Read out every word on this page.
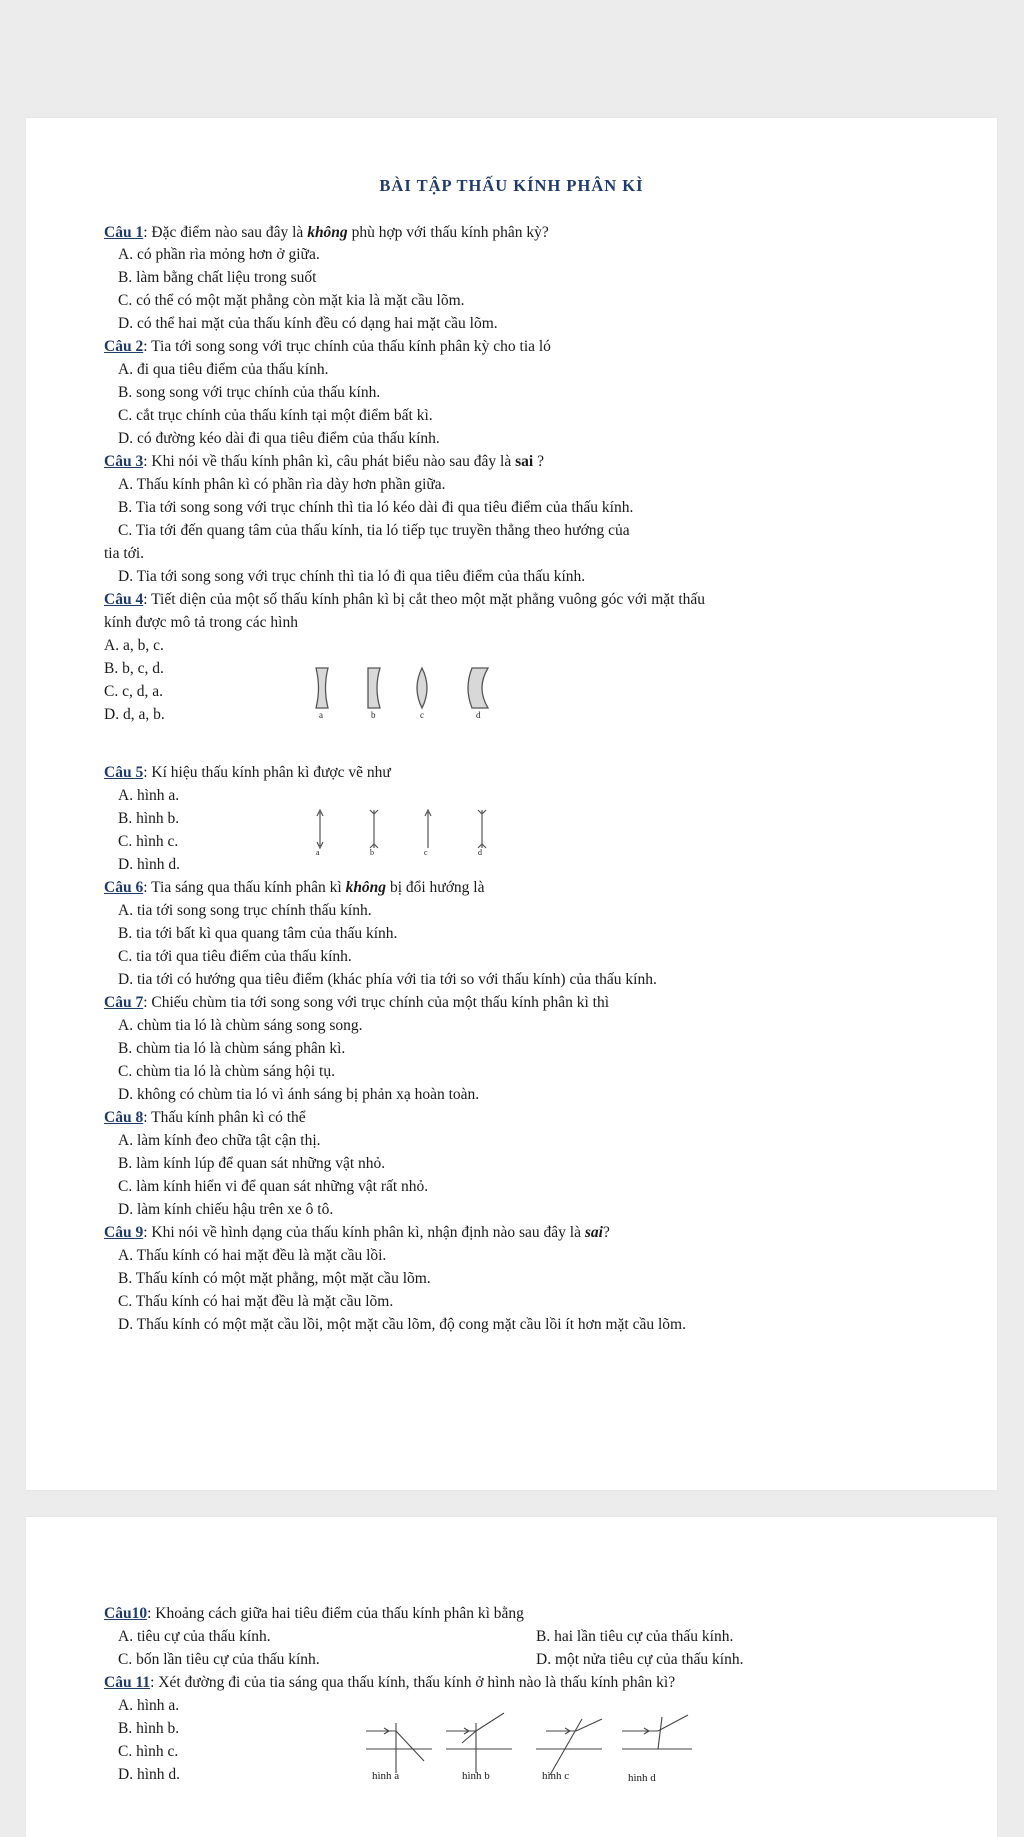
BÀI TẬP THẤU KÍNH PHÂN KÌ
Câu 1: Đặc điểm nào sau đây là không phù hợp với thấu kính phân kỳ?
A. có phần rìa mỏng hơn ở giữa.
B. làm bằng chất liệu trong suốt
C. có thể có một mặt phẳng còn mặt kia là mặt cầu lõm.
D. có thể hai mặt của thấu kính đều có dạng hai mặt cầu lõm.
Câu 2: Tia tới song song với trục chính của thấu kính phân kỳ cho tia ló
A. đi qua tiêu điểm của thấu kính.
B. song song với trục chính của thấu kính.
C. cắt trục chính của thấu kính tại một điểm bất kì.
D. có đường kéo dài đi qua tiêu điểm của thấu kính.
Câu 3: Khi nói về thấu kính phân kì, câu phát biểu nào sau đây là sai ?
A. Thấu kính phân kì có phần rìa dày hơn phần giữa.
B. Tia tới song song với trục chính thì tia ló kéo dài đi qua tiêu điểm của thấu kính.
C. Tia tới đến quang tâm của thấu kính, tia ló tiếp tục truyền thẳng theo hướng của
tia tới.
D. Tia tới song song với trục chính thì tia ló đi qua tiêu điểm của thấu kính.
Câu 4: Tiết diện của một số thấu kính phân kì bị cắt theo một mặt phẳng vuông góc với mặt thấu
kính được mô tả trong các hình
A. a, b, c.
B. b, c, d.
C. c, d, a.
D. d, a, b.	a	b	c	d
Câu 5: Kí hiệu thấu kính phân kì được vẽ như
A. hình a.
B. hình b.
C. hình c.
D. hình d.
a	b	c	d
Câu 6: Tia sáng qua thấu kính phân kì không bị đổi hướng là
A. tia tới song song trục chính thấu kính.
B. tia tới bất kì qua quang tâm của thấu kính.
C. tia tới qua tiêu điểm của thấu kính.
D. tia tới có hướng qua tiêu điểm (khác phía với tia tới so với thấu kính) của thấu kính.
Câu 7: Chiếu chùm tia tới song song với trục chính của một thấu kính phân kì thì
A. chùm tia ló là chùm sáng song song.
B. chùm tia ló là chùm sáng phân kì.
C. chùm tia ló là chùm sáng hội tụ.
D. không có chùm tia ló vì ánh sáng bị phản xạ hoàn toàn.
Câu 8: Thấu kính phân kì có thể
A. làm kính đeo chữa tật cận thị.
B. làm kính lúp để quan sát những vật nhỏ.
C. làm kính hiển vi để quan sát những vật rất nhỏ.
D. làm kính chiếu hậu trên xe ô tô.
Câu 9: Khi nói về hình dạng của thấu kính phân kì, nhận định nào sau đây là sai?
A. Thấu kính có hai mặt đều là mặt cầu lồi.
B. Thấu kính có một mặt phẳng, một mặt cầu lõm.
C. Thấu kính có hai mặt đều là mặt cầu lõm.
D. Thấu kính có một mặt cầu lồi, một mặt cầu lõm, độ cong mặt cầu lồi ít hơn mặt cầu lõm.
Câu10: Khoảng cách giữa hai tiêu điểm của thấu kính phân kì bằng
A. tiêu cự của thấu kính.	B. hai lần tiêu cự của thấu kính.
C. bốn lần tiêu cự của thấu kính.	D. một nửa tiêu cự của thấu kính.
Câu 11: Xét đường đi của tia sáng qua thấu kính, thấu kính ở hình nào là thấu kính phân kì?
A. hình a.
B. hình b.
C. hình c.
D. hình d.	hình a	hình b	hình c	hình d
